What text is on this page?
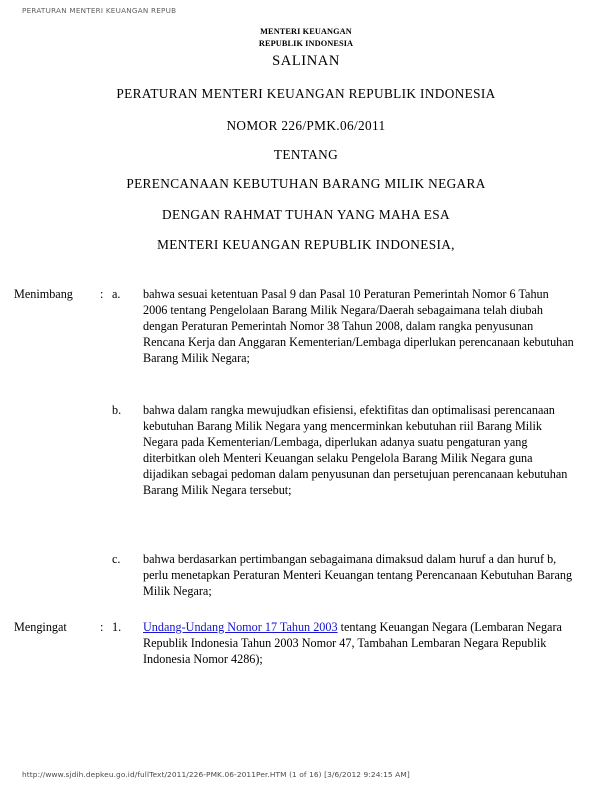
PERATURAN MENTERI KEUANGAN REPUB
MENTERI KEUANGAN
REPUBLIK INDONESIA
SALINAN
PERATURAN MENTERI KEUANGAN REPUBLIK INDONESIA
NOMOR 226/PMK.06/2011
TENTANG
PERENCANAAN KEBUTUHAN BARANG MILIK NEGARA
DENGAN RAHMAT TUHAN YANG MAHA ESA
MENTERI KEUANGAN REPUBLIK INDONESIA,
Menimbang : a.	bahwa sesuai ketentuan Pasal 9 dan Pasal 10 Peraturan Pemerintah Nomor 6 Tahun 2006 tentang Pengelolaan Barang Milik Negara/Daerah sebagaimana telah diubah dengan Peraturan Pemerintah Nomor 38 Tahun 2008, dalam rangka penyusunan Rencana Kerja dan Anggaran Kementerian/Lembaga diperlukan perencanaan kebutuhan Barang Milik Negara;
b.	bahwa dalam rangka mewujudkan efisiensi, efektifitas dan optimalisasi perencanaan kebutuhan Barang Milik Negara yang mencerminkan kebutuhan riil Barang Milik Negara pada Kementerian/Lembaga, diperlukan adanya suatu pengaturan yang diterbitkan oleh Menteri Keuangan selaku Pengelola Barang Milik Negara guna dijadikan sebagai pedoman dalam penyusunan dan persetujuan perencanaan kebutuhan Barang Milik Negara tersebut;
c.	bahwa berdasarkan pertimbangan sebagaimana dimaksud dalam huruf a dan huruf b, perlu menetapkan Peraturan Menteri Keuangan tentang Perencanaan Kebutuhan Barang Milik Negara;
Mengingat	: 1.	Undang-Undang Nomor 17 Tahun 2003 tentang Keuangan Negara (Lembaran Negara Republik Indonesia Tahun 2003 Nomor 47, Tambahan Lembaran Negara Republik Indonesia Nomor 4286);
http://www.sjdih.depkeu.go.id/fullText/2011/226-PMK.06-2011Per.HTM (1 of 16) [3/6/2012 9:24:15 AM]
